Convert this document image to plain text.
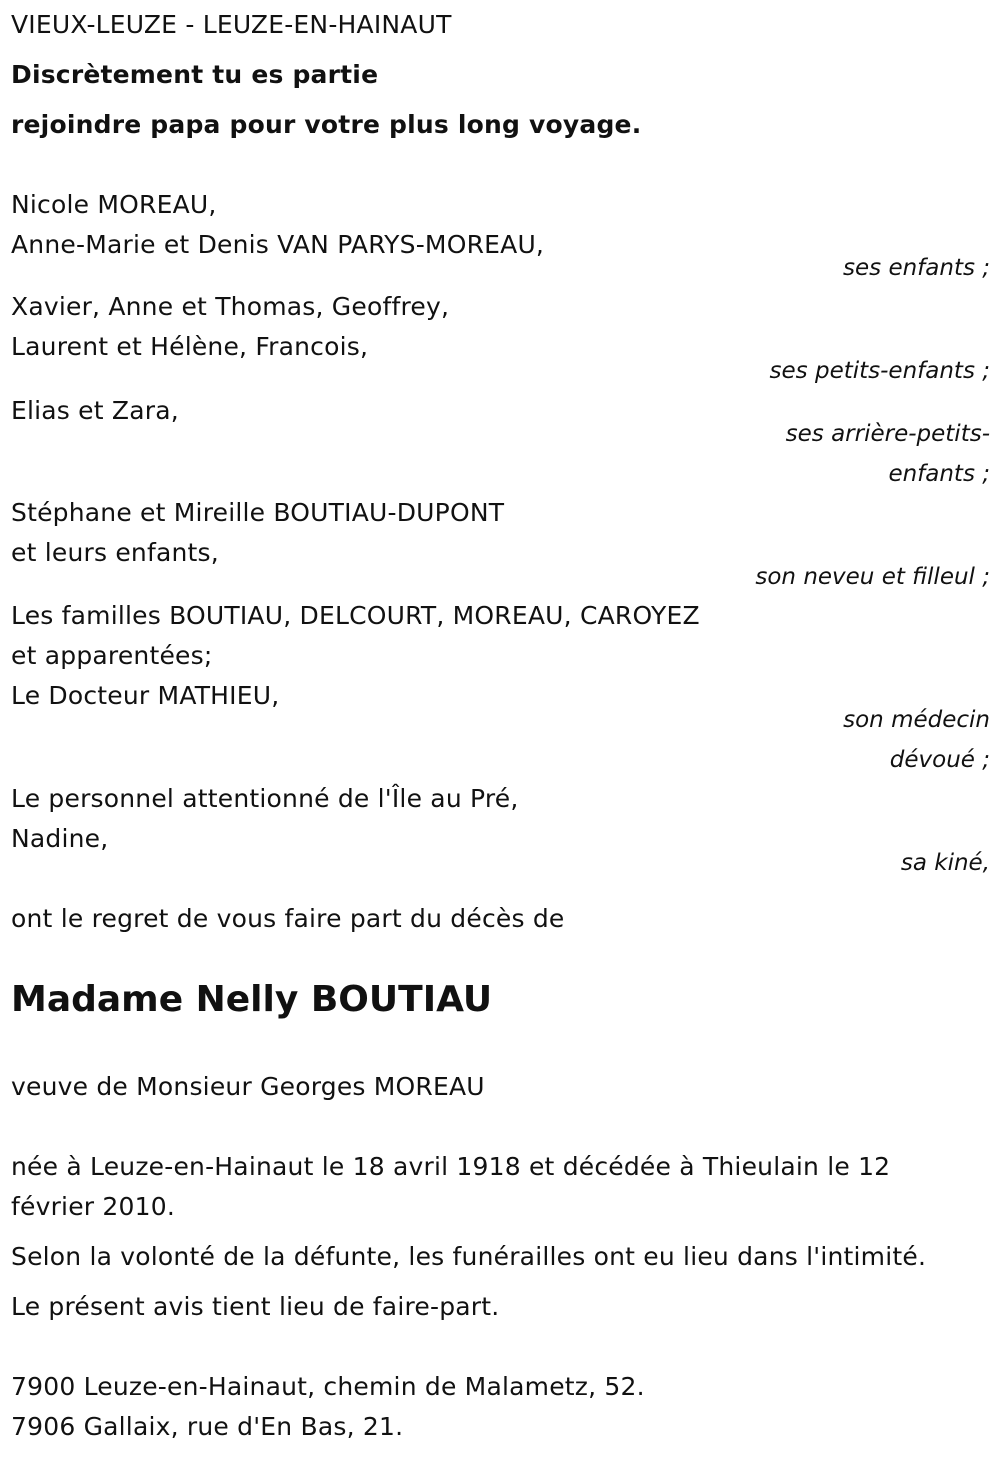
VIEUX-LEUZE - LEUZE-EN-HAINAUT
Discrètement tu es partie
rejoindre papa pour votre plus long voyage.
Nicole MOREAU,
Anne-Marie et Denis VAN PARYS-MOREAU,
ses enfants ;
Xavier, Anne et Thomas, Geoffrey,
Laurent et Hélène, Francois,
ses petits-enfants ;
Elias et Zara,
ses arrière-petits-
enfants ;
Stéphane et Mireille BOUTIAU-DUPONT
et leurs enfants,
son neveu et filleul ;
Les familles BOUTIAU, DELCOURT, MOREAU, CAROYEZ
et apparentées;
Le Docteur MATHIEU,
son médecin
dévoué ;
Le personnel attentionné de l'Île au Pré,
Nadine,
sa kiné,
ont le regret de vous faire part du décès de
Madame Nelly BOUTIAU
veuve de Monsieur Georges MOREAU
née à Leuze-en-Hainaut le 18 avril 1918 et décédée à Thieulain le 12
février 2010.
Selon la volonté de la défunte, les funérailles ont eu lieu dans l'intimité.
Le présent avis tient lieu de faire-part.
7900 Leuze-en-Hainaut, chemin de Malametz, 52.
7906 Gallaix, rue d'En Bas, 21.
